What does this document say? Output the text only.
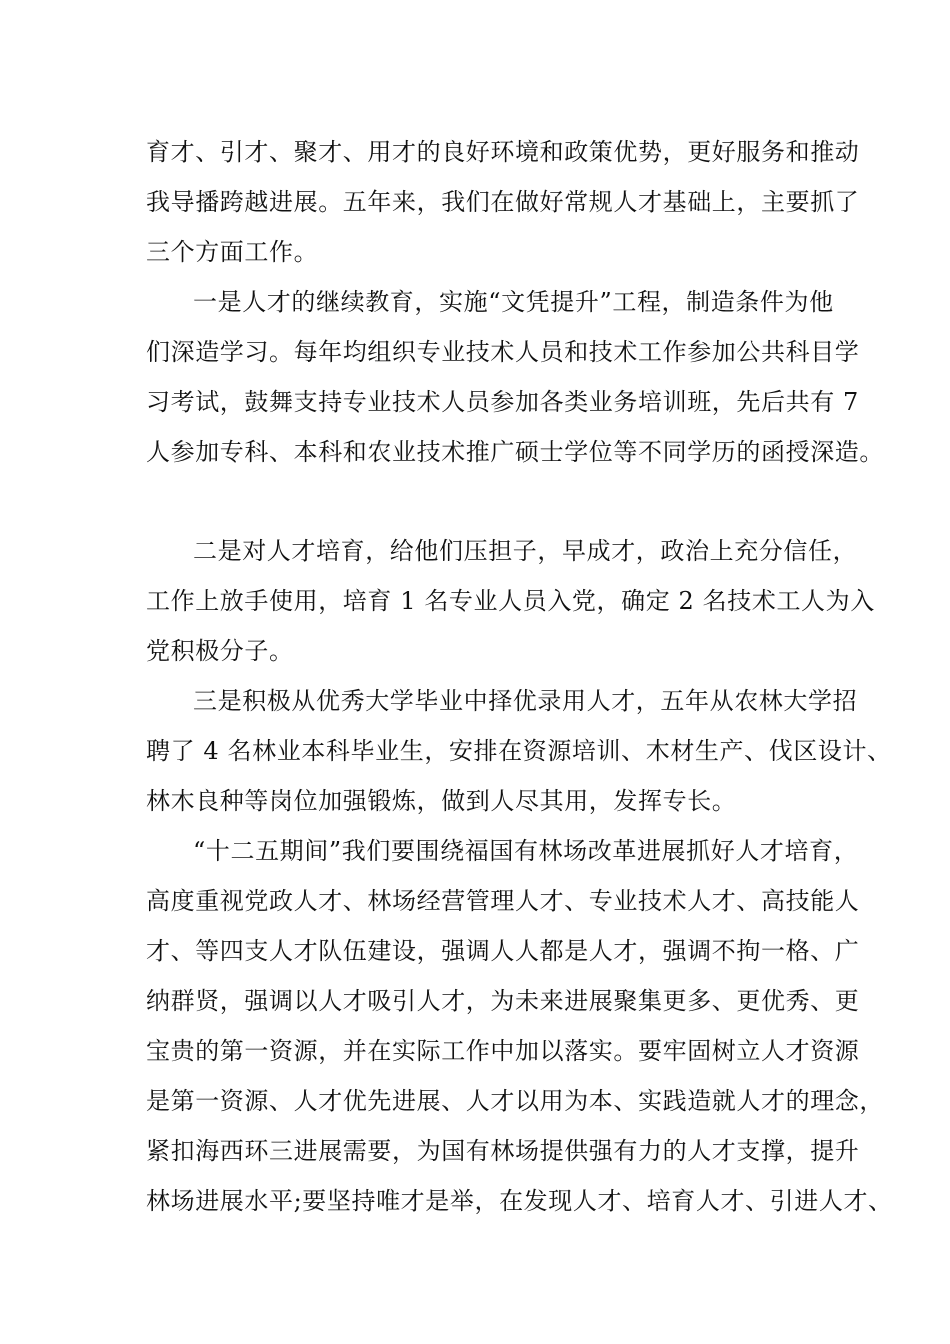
育才、引才、聚才、用才的良好环境和政策优势，更好服务和推动
我导播跨越进展。五年来，我们在做好常规人才基础上，主要抓了
三个方面工作。
一是人才的继续教育，实施“文凭提升”工程，制造条件为他
们深造学习。每年均组织专业技术人员和技术工作参加公共科目学
习考试，鼓舞支持专业技术人员参加各类业务培训班，先后共有 7
人参加专科、本科和农业技术推广硕士学位等不同学历的函授深造。
二是对人才培育，给他们压担子，早成才，政治上充分信任，
工作上放手使用，培育 1 名专业人员入党，确定 2 名技术工人为入
党积极分子。
三是积极从优秀大学毕业中择优录用人才，五年从农林大学招
聘了 4 名林业本科毕业生，安排在资源培训、木材生产、伐区设计、
林木良种等岗位加强锻炼，做到人尽其用，发挥专长。
“十二五期间”我们要围绕福国有林场改革进展抓好人才培育，
高度重视党政人才、林场经营管理人才、专业技术人才、高技能人
才、等四支人才队伍建设，强调人人都是人才，强调不拘一格、广
纳群贤，强调以人才吸引人才，为未来进展聚集更多、更优秀、更
宝贵的第一资源，并在实际工作中加以落实。要牢固树立人才资源
是第一资源、人才优先进展、人才以用为本、实践造就人才的理念，
紧扣海西环三进展需要，为国有林场提供强有力的人才支撑，提升
林场进展水平;要坚持唯才是举，在发现人才、培育人才、引进人才、
